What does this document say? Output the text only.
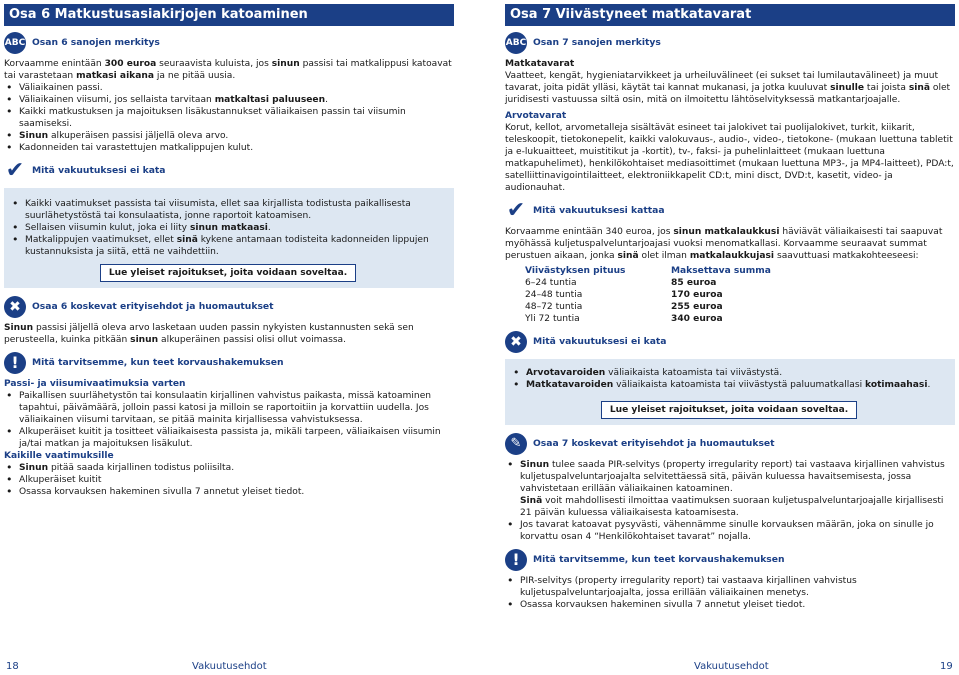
Osa 6 Matkustusasiakirjojen katoaminen
ABC Osan 6 sanojen merkitys

Korvaamme enintään 300 euroa seuraavista kuluista, jos sinun passisi tai matkalippusi katoavat tai varastetaan matkasi aikana ja ne pitää uusia.

• Väliaikainen passi.
• Väliaikainen viisumi, jos sellaista tarvitaan matkaltasi paluuseen.
• Kaikki matkustuksen ja majoituksen lisäkustannukset väliaikaisen passin tai viisumin saamiseksi.
• Sinun alkuperäisen passisi jäljellä oleva arvo.
• Kadonneiden tai varastettujen matkalippujen kulut.
✔ Mitä vakuutuksesi ei kata
• Kaikki vaatimukset passista tai viisumista, ellet saa kirjallista todistusta paikallisesta suurlähetystöstä tai konsulaatista, jonne raportoit katoamisen.
• Sellaisen viisumin kulut, joka ei liity sinun matkaasi.
• Matkalippujen vaatimukset, ellet sinä kykene antamaan todisteita kadonneiden lippujen kustannuksista ja siitä, että ne vaihdettiin.
Lue yleiset rajoitukset, joita voidaan soveltaa.
✖	Osaa 6 koskevat erityisehdot ja huomautukset

Sinun passisi jäljellä oleva arvo lasketaan uuden passin nykyisten kustannusten sekä sen perusteella, kuinka pitkään sinun alkuperäinen passisi olisi ollut voimassa.

!	Mitä tarvitsemme, kun teet korvaushakemuksen
Passi- ja viisumivaatimuksia varten
• Paikallisen suurlähetystön tai konsulaatin kirjallinen vahvistus paikasta, missä katoaminen tapahtui, päivämäärä, jolloin passi katosi ja milloin se raportoitiin ja korvattiin uudella. Jos väliaikainen viisumi tarvitaan, se pitää mainita kirjallisessa vahvistuksessa.
• Alkuperäiset kuitit ja tositteet väliaikaisesta passista ja, mikäli tarpeen, väliaikaisen viisumin ja/tai matkan ja majoituksen lisäkulut.
Kaikille vaatimuksille
• Sinun pitää saada kirjallinen todistus poliisilta.
• Alkuperäiset kuitit
• Osassa korvauksen hakeminen sivulla 7 annetut yleiset tiedot.
18	Vakuutusehdot
Osa 7 Viivästyneet matkatavarat
ABC Osan 7 sanojen merkitys
Matkatavarat

Vaatteet, kengät, hygieniatarvikkeet ja urheiluvälineet (ei sukset tai lumilautavälineet) ja muut tavarat, joita pidät ylläsi, käytät tai kannat mukanasi, ja jotka kuuluvat sinulle tai joista sinä olet juridisesti vastuussa siltä osin, mitä on ilmoitettu lähtöselvityksessä matkantarjoajalle.

Arvotavarat

Korut, kellot, arvometalleja sisältävät esineet tai jalokivet tai puolijalokivet, turkit, kiikarit, teleskoopit, tietokonepelit, kaikki valokuvaus-, audio-, video-, tietokone- (mukaan luettuna tabletit ja e-lukuaitteet, muistitikut ja -kortit), tv-, faksi- ja puhelinlaitteet (mukaan luettuna matkapuhelimet), henkilökohtaiset mediasoittimet (mukaan luettuna MP3-, ja MP4-laitteet), PDA:t, satelliittinavigointilaitteet, elektroniikkapelit CD:t, mini disct, DVD:t, kasetit, video- ja audionauhat.

✔ Mitä vakuutuksesi kattaa

Korvaamme enintään 340 euroa, jos sinun matkalaukkusi häviävät väliaikaisesti tai saapuvat myöhässä kuljetuspalveluntarjoajasi vuoksi menomatkallasi. Korvaamme seuraavat summat perustuen aikaan, jonka sinä olet ilman matkalaukkujasi saavuttuasi matkakohteeseesi:

Viivästyksen pituus	Maksettava summa
6–24 tuntia	85 euroa
24–48 tuntia	170 euroa
48–72 tuntia	255 euroa
Yli 72 tuntia	340 euroa
✖	Mitä vakuutuksesi ei kata
• Arvotavaroiden väliaikaista katoamista tai viivästystä.
• Matkatavaroiden väliaikaista katoamista tai viivästystä paluumatkallasi kotimaahasi.
Lue yleiset rajoitukset, joita voidaan soveltaa.
✎	Osaa 7 koskevat erityisehdot ja huomautukset
• Sinun tulee saada PIR-selvitys (property irregularity report) tai vastaava kirjallinen vahvistus kuljetuspalveluntarjoajalta selvitettäessä sitä, päivän kuluessa havaitsemisesta, jossa vahvistetaan erillään väliaikainen katoaminen.
Sinä voit mahdollisesti ilmoittaa vaatimuksen suoraan kuljetuspalveluntarjoajalle kirjallisesti 21 päivän kuluessa väliaikaisesta katoamisesta.
• Jos tavarat katoavat pysyvästi, vähennämme sinulle korvauksen määrän, joka on sinulle jo korvattu osan 4 “Henkilökohtaiset tavarat” nojalla.
!	Mitä tarvitsemme, kun teet korvaushakemuksen
• PIR-selvitys (property irregularity report) tai vastaava kirjallinen vahvistus kuljetuspalveluntarjoajalta, jossa erillään väliaikainen menetys.
• Osassa korvauksen hakeminen sivulla 7 annetut yleiset tiedot.
Vakuutusehdot	19
